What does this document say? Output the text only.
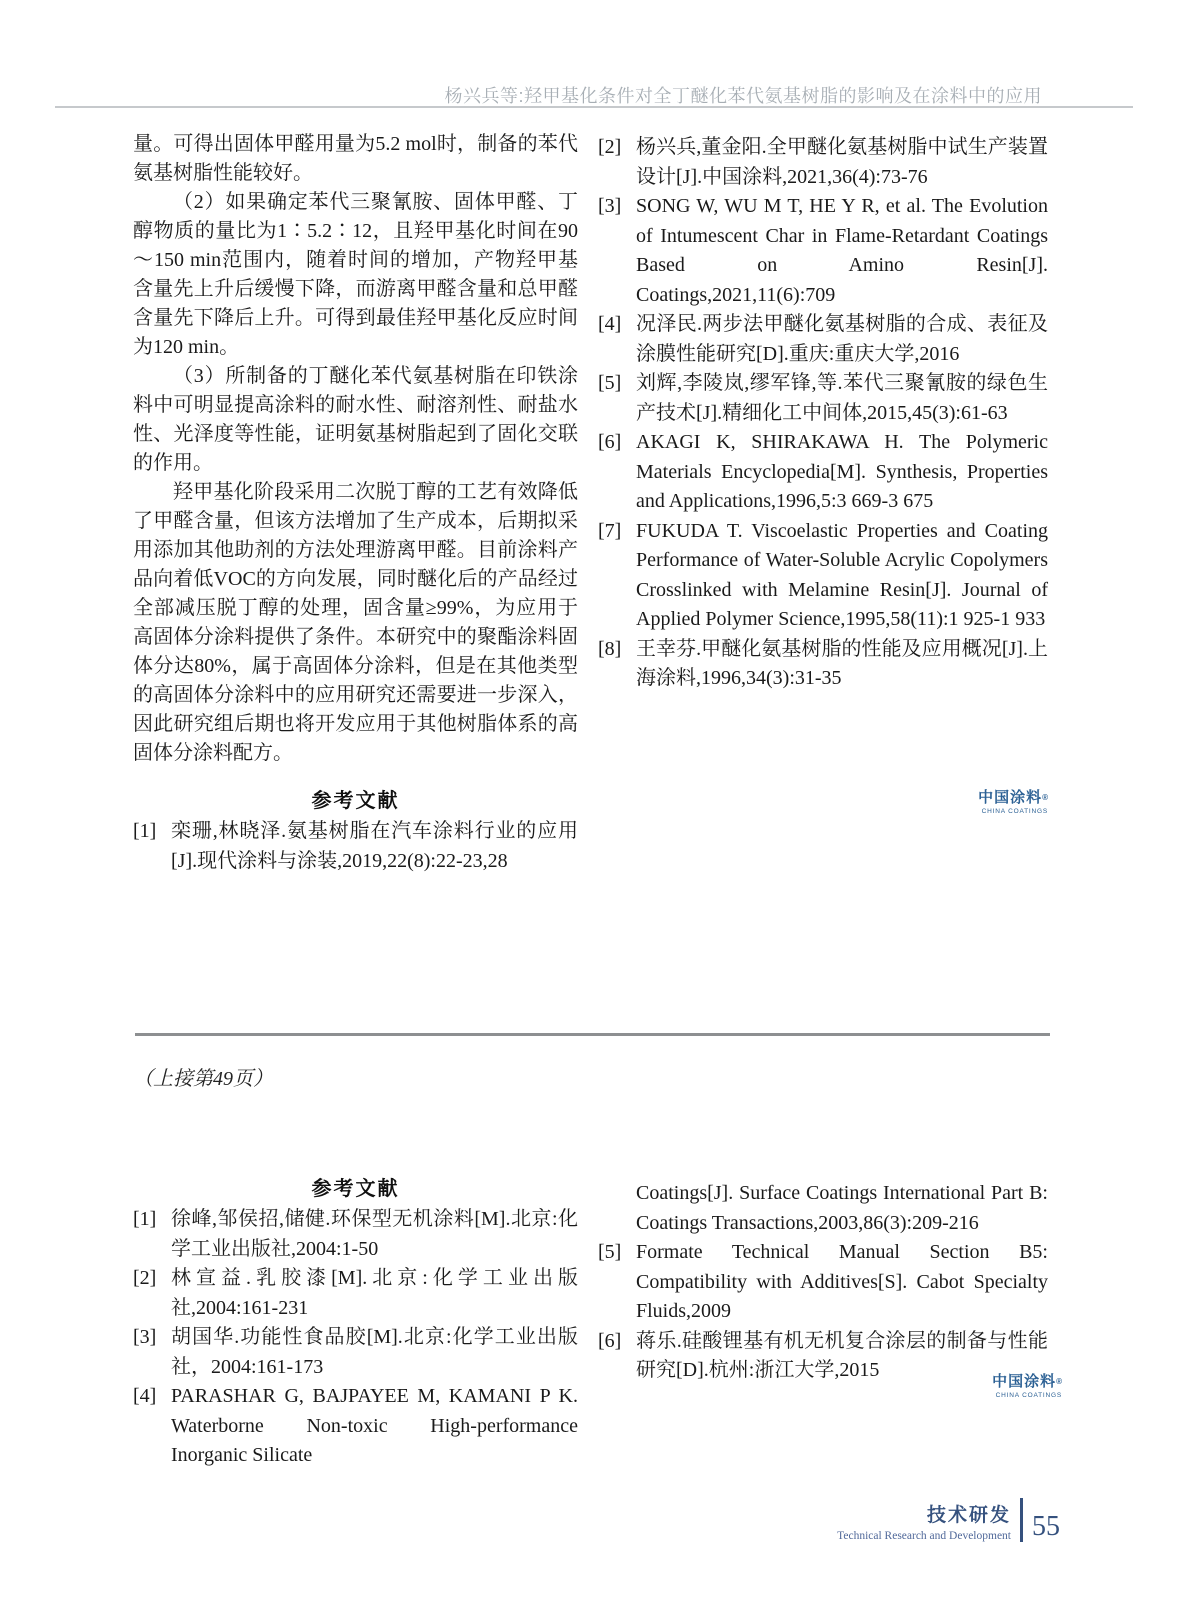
杨兴兵等:羟甲基化条件对全丁醚化苯代氨基树脂的影响及在涂料中的应用

量。可得出固体甲醛用量为5.2 mol时，制备的苯代氨基树脂性能较好。

（2）如果确定苯代三聚氰胺、固体甲醛、丁醇物质的量比为1∶5.2∶12，且羟甲基化时间在90～150 min范围内，随着时间的增加，产物羟甲基含量先上升后缓慢下降，而游离甲醛含量和总甲醛含量先下降后上升。可得到最佳羟甲基化反应时间为120 min。

（3）所制备的丁醚化苯代氨基树脂在印铁涂料中可明显提高涂料的耐水性、耐溶剂性、耐盐水性、光泽度等性能，证明氨基树脂起到了固化交联的作用。

羟甲基化阶段采用二次脱丁醇的工艺有效降低了甲醛含量，但该方法增加了生产成本，后期拟采用添加其他助剂的方法处理游离甲醛。目前涂料产品向着低VOC的方向发展，同时醚化后的产品经过全部减压脱丁醇的处理，固含量≥99%，为应用于高固体分涂料提供了条件。本研究中的聚酯涂料固体分达80%，属于高固体分涂料，但是在其他类型的高固体分涂料中的应用研究还需要进一步深入，因此研究组后期也将开发应用于其他树脂体系的高固体分涂料配方。

参考文献
[1] 栾珊,林晓泽.氨基树脂在汽车涂料行业的应用[J].现代涂料与涂装,2019,22(8):22-23,28
[2] 杨兴兵,董金阳.全甲醚化氨基树脂中试生产装置设计[J].中国涂料,2021,36(4):73-76
[3] SONG W, WU M T, HE Y R, et al. The Evolution of Intumescent Char in Flame-Retardant Coatings Based on Amino Resin[J]. Coatings,2021,11(6):709
[4] 况泽民.两步法甲醚化氨基树脂的合成、表征及涂膜性能研究[D].重庆:重庆大学,2016
[5] 刘辉,李陵岚,缪军锋,等.苯代三聚氰胺的绿色生产技术[J].精细化工中间体,2015,45(3):61-63
[6] AKAGI K, SHIRAKAWA H. The Polymeric Materials Encyclopedia[M]. Synthesis, Properties and Applications,1996,5:3 669-3 675
[7] FUKUDA T. Viscoelastic Properties and Coating Performance of Water-Soluble Acrylic Copolymers Crosslinked with Melamine Resin[J]. Journal of Applied Polymer Science,1995,58(11):1 925-1 933
[8] 王幸芬.甲醚化氨基树脂的性能及应用概况[J].上海涂料,1996,34(3):31-35
中国涂料®
CHINA COATINGS
（上接第49页）
参考文献
[1] 徐峰,邹侯招,储健.环保型无机涂料[M].北京:化学工业出版社,2004:1-50
[2] 林宣益.乳胶漆[M].北京:化学工业出版社,2004:161-231
[3] 胡国华.功能性食品胶[M].北京:化学工业出版社，2004:161-173
[4] PARASHAR G, BAJPAYEE M, KAMANI P K. Waterborne Non-toxic High-performance Inorganic Silicate

Coatings[J]. Surface Coatings International Part B: Coatings Transactions,2003,86(3):209-216

[5] Formate Technical Manual Section B5: Compatibility with Additives[S]. Cabot Specialty Fluids,2009
[6] 蒋乐.硅酸锂基有机无机复合涂层的制备与性能研究[D].杭州:浙江大学,2015
中国涂料®
CHINA COATINGS
技术研发
Technical Research and Development 55
